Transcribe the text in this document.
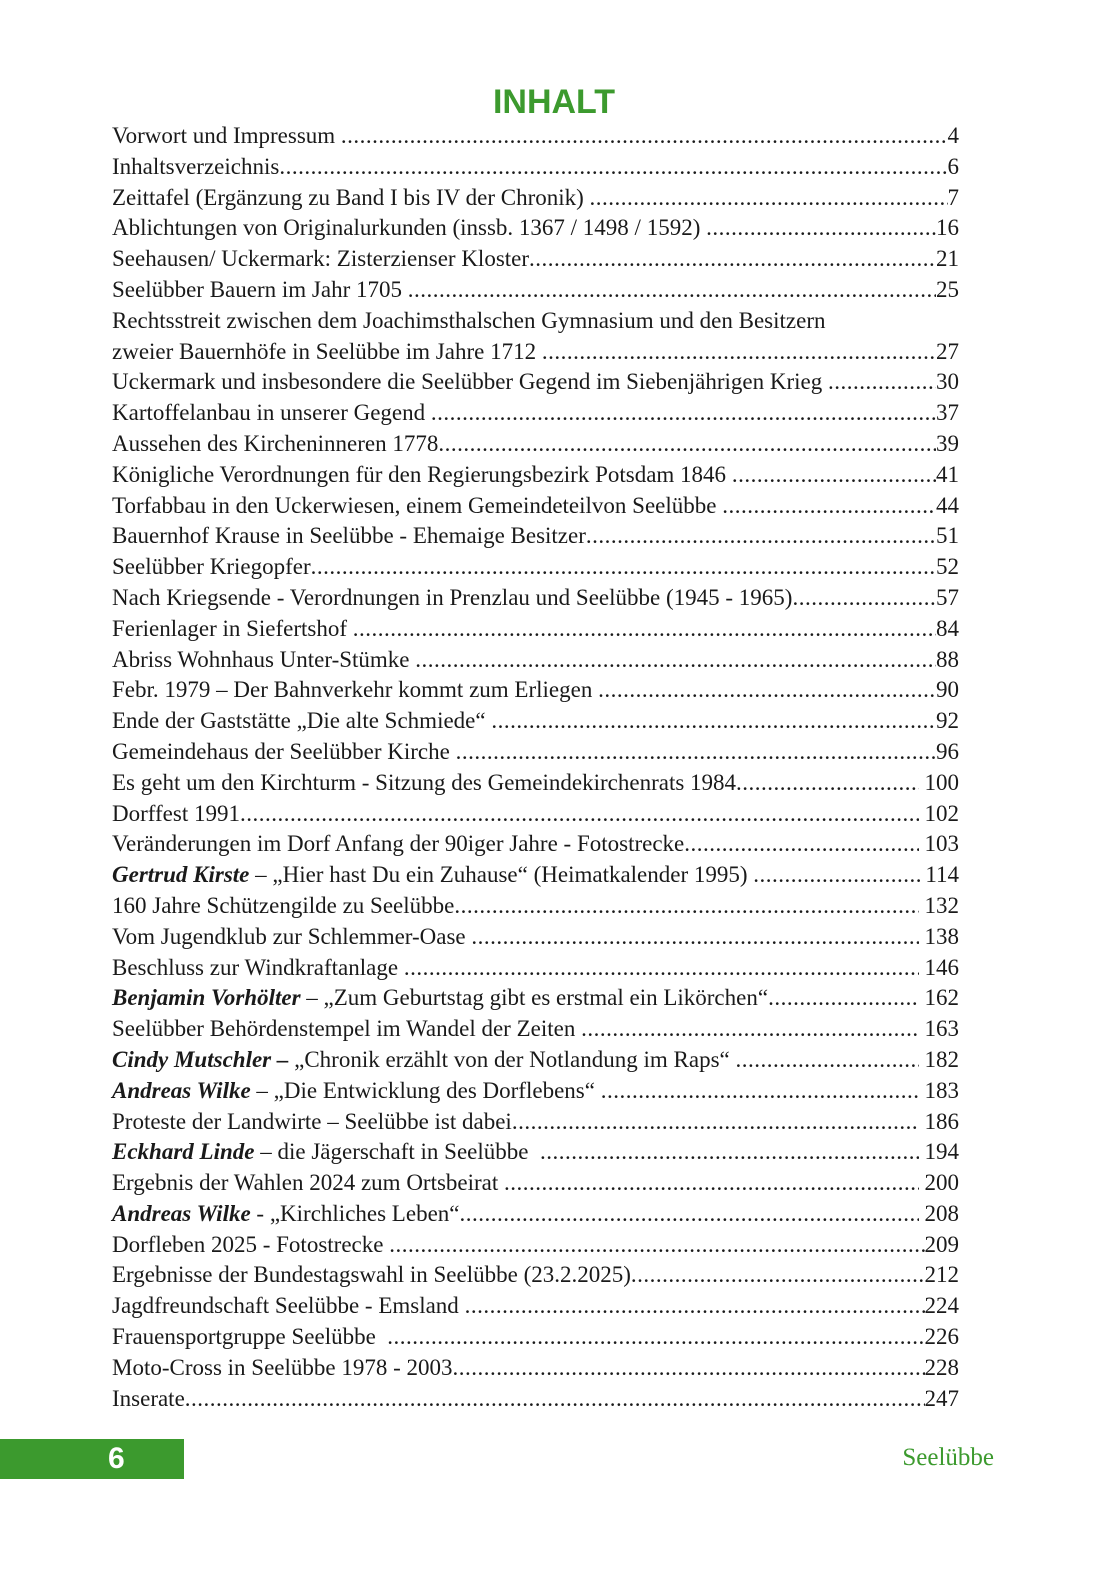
INHALT
Vorwort und Impressum .....	4
Inhaltsverzeichnis .....	6
Zeittafel (Ergänzung zu Band I bis IV der Chronik) .....	7
Ablichtungen von Originalurkunden (inssb. 1367 / 1498 / 1592) .....	16
Seehausen/ Uckermark: Zisterzienser Kloster .....	21
Seelübber Bauern im Jahr 1705 .....	25
Rechtsstreit zwischen dem Joachimsthalschen Gymnasium und den Besitzern
zweier Bauernhöfe in Seelübbe im Jahre 1712 .....	27
Uckermark und insbesondere die Seelübber Gegend im Siebenjährigen Krieg .....	30
Kartoffelanbau in unserer Gegend .....	37
Aussehen des Kircheninneren 1778 .....	39
Königliche Verordnungen für den Regierungsbezirk Potsdam 1846 .....	41
Torfabbau in den Uckerwiesen, einem Gemeindeteilvon Seelübbe .....	44
Bauernhof Krause in Seelübbe - Ehemaige Besitzer .....	51
Seelübber Kriegopfer .....	52
Nach Kriegsende - Verordnungen in Prenzlau und Seelübbe (1945 - 1965) .....	57
Ferienlager in Siefertshof .....	84
Abriss Wohnhaus Unter-Stümke .....	88
Febr. 1979 – Der Bahnverkehr kommt zum Erliegen .....	90
Ende der Gaststätte „Die alte Schmiede“ .....	92
Gemeindehaus der Seelübber Kirche .....	96
Es geht um den Kirchturm - Sitzung des Gemeindekirchenrats 1984 .....	100
Dorffest 1991 .....	102
Veränderungen im Dorf Anfang der 90iger Jahre - Fotostrecke .....	103
Gertrud Kirste – „Hier hast Du ein Zuhause“ (Heimatkalender 1995) .....	114
160 Jahre Schützengilde zu Seelübbe .....	132
Vom Jugendklub zur Schlemmer-Oase .....	138
Beschluss zur Windkraftanlage .....	146
Benjamin Vorhölter – „Zum Geburtstag gibt es erstmal ein Likörchen“ .....	162
Seelübber Behördenstempel im Wandel der Zeiten .....	163
Cindy Mutschler – „Chronik erzählt von der Notlandung im Raps“ .....	182
Andreas Wilke – „Die Entwicklung des Dorflebens“ .....	183
Proteste der Landwirte – Seelübbe ist dabei .....	186
Eckhard Linde – die Jägerschaft in Seelübbe .....	194
Ergebnis der Wahlen 2024 zum Ortsbeirat .....	200
Andreas Wilke - „Kirchliches Leben“ .....	208
Dorfleben 2025 - Fotostrecke .....	209
Ergebnisse der Bundestagswahl in Seelübbe (23.2.2025) .....	212
Jagdfreundschaft Seelübbe - Emsland .....	224
Frauensportgruppe Seelübbe .....	226
Moto-Cross in Seelübbe 1978 - 2003 .....	228
Inserate .....	247
6	Seelübbe
